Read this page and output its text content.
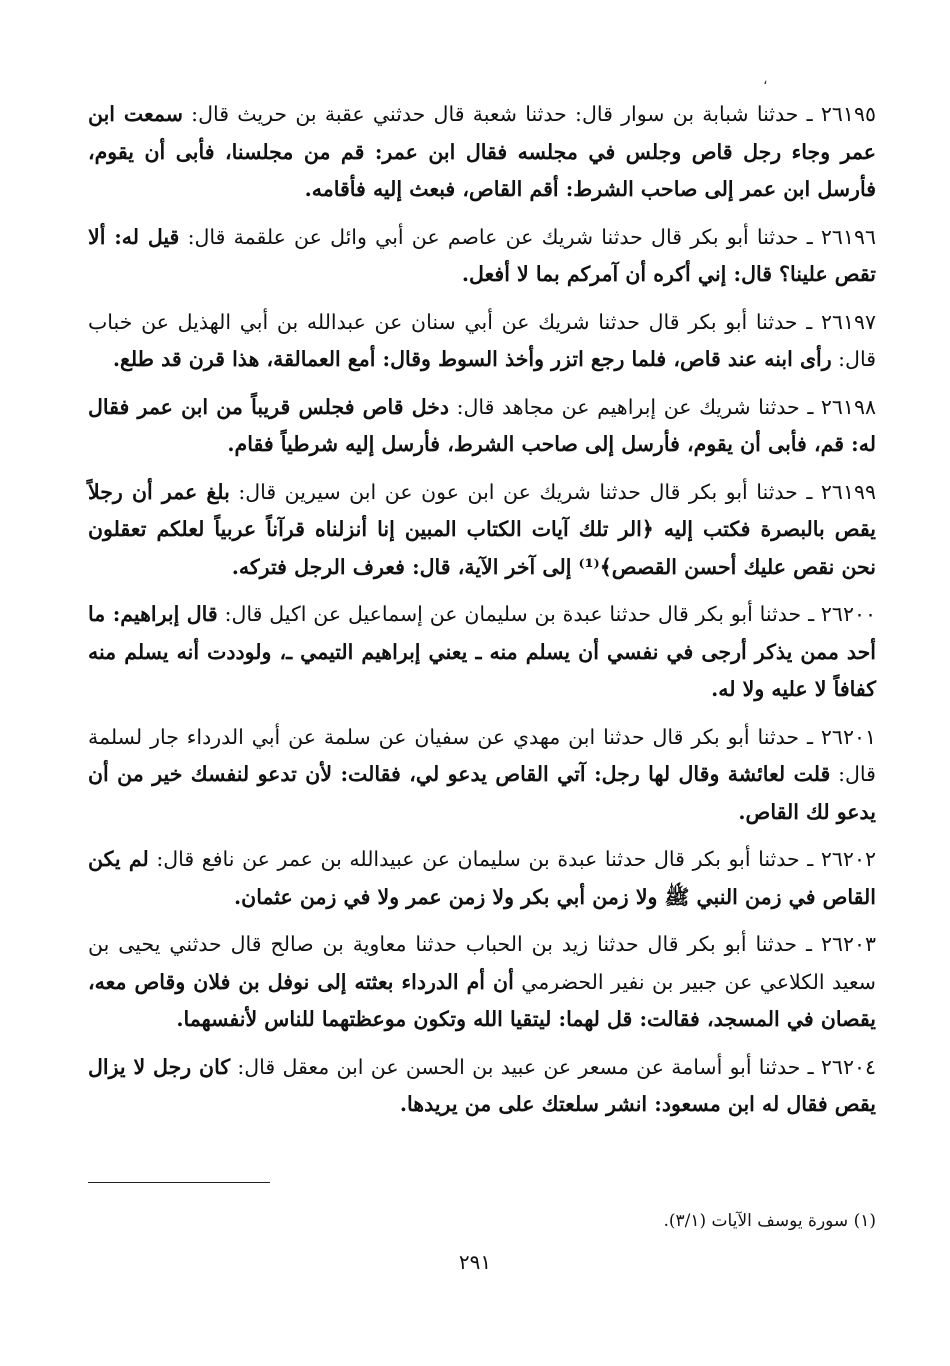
،

٢٦١٩٥ ـ حدثنا شبابة بن سوار قال: حدثنا شعبة قال حدثني عقبة بن حريث قال: سمعت ابن عمر وجاء رجل قاص وجلس في مجلسه فقال ابن عمر: قم من مجلسنا، فأبى أن يقوم، فأرسل ابن عمر إلى صاحب الشرط: أقم القاص، فبعث إليه فأقامه.

٢٦١٩٦ ـ حدثنا أبو بكر قال حدثنا شريك عن عاصم عن أبي وائل عن علقمة قال: قيل له: ألا تقص علينا؟ قال: إني أكره أن آمركم بما لا أفعل.

٢٦١٩٧ ـ حدثنا أبو بكر قال حدثنا شريك عن أبي سنان عن عبدالله بن أبي الهذيل عن خباب قال: رأى ابنه عند قاص، فلما رجع اتزر وأخذ السوط وقال: أمع العمالقة، هذا قرن قد طلع.

٢٦١٩٨ ـ حدثنا شريك عن إبراهيم عن مجاهد قال: دخل قاص فجلس قريباً من ابن عمر فقال له: قم، فأبى أن يقوم، فأرسل إلى صاحب الشرط، فأرسل إليه شرطياً فقام.

٢٦١٩٩ ـ حدثنا أبو بكر قال حدثنا شريك عن ابن عون عن ابن سيرين قال: بلغ عمر أن رجلاً يقص بالبصرة فكتب إليه ﴿الر تلك آيات الكتاب المبين إنا أنزلناه قرآناً عربياً لعلكم تعقلون نحن نقص عليك أحسن القصص﴾⁽¹⁾ إلى آخر الآية، قال: فعرف الرجل فتركه.

٢٦٢٠٠ ـ حدثنا أبو بكر قال حدثنا عبدة بن سليمان عن إسماعيل عن اكيل قال: قال إبراهيم: ما أحد ممن يذكر أرجى في نفسي أن يسلم منه ـ يعني إبراهيم التيمي ـ، ولوددت أنه يسلم منه كفافاً لا عليه ولا له.

٢٦٢٠١ ـ حدثنا أبو بكر قال حدثنا ابن مهدي عن سفيان عن سلمة عن أبي الدرداء جار لسلمة قال: قلت لعائشة وقال لها رجل: آتي القاص يدعو لي، فقالت: لأن تدعو لنفسك خير من أن يدعو لك القاص.

٢٦٢٠٢ ـ حدثنا أبو بكر قال حدثنا عبدة بن سليمان عن عبيدالله بن عمر عن نافع قال: لم يكن القاص في زمن النبي ﷺ ولا زمن أبي بكر ولا زمن عمر ولا في زمن عثمان.

٢٦٢٠٣ ـ حدثنا أبو بكر قال حدثنا زيد بن الحباب حدثنا معاوية بن صالح قال حدثني يحيى بن سعيد الكلاعي عن جبير بن نفير الحضرمي أن أم الدرداء بعثته إلى نوفل بن فلان وقاص معه، يقصان في المسجد، فقالت: قل لهما: ليتقيا الله وتكون موعظتهما للناس لأنفسهما.

٢٦٢٠٤ ـ حدثنا أبو أسامة عن مسعر عن عبيد بن الحسن عن ابن معقل قال: كان رجل لا يزال يقص فقال له ابن مسعود: انشر سلعتك على من يريدها.

(١) سورة يوسف الآيات (٣/١).
٢٩١
